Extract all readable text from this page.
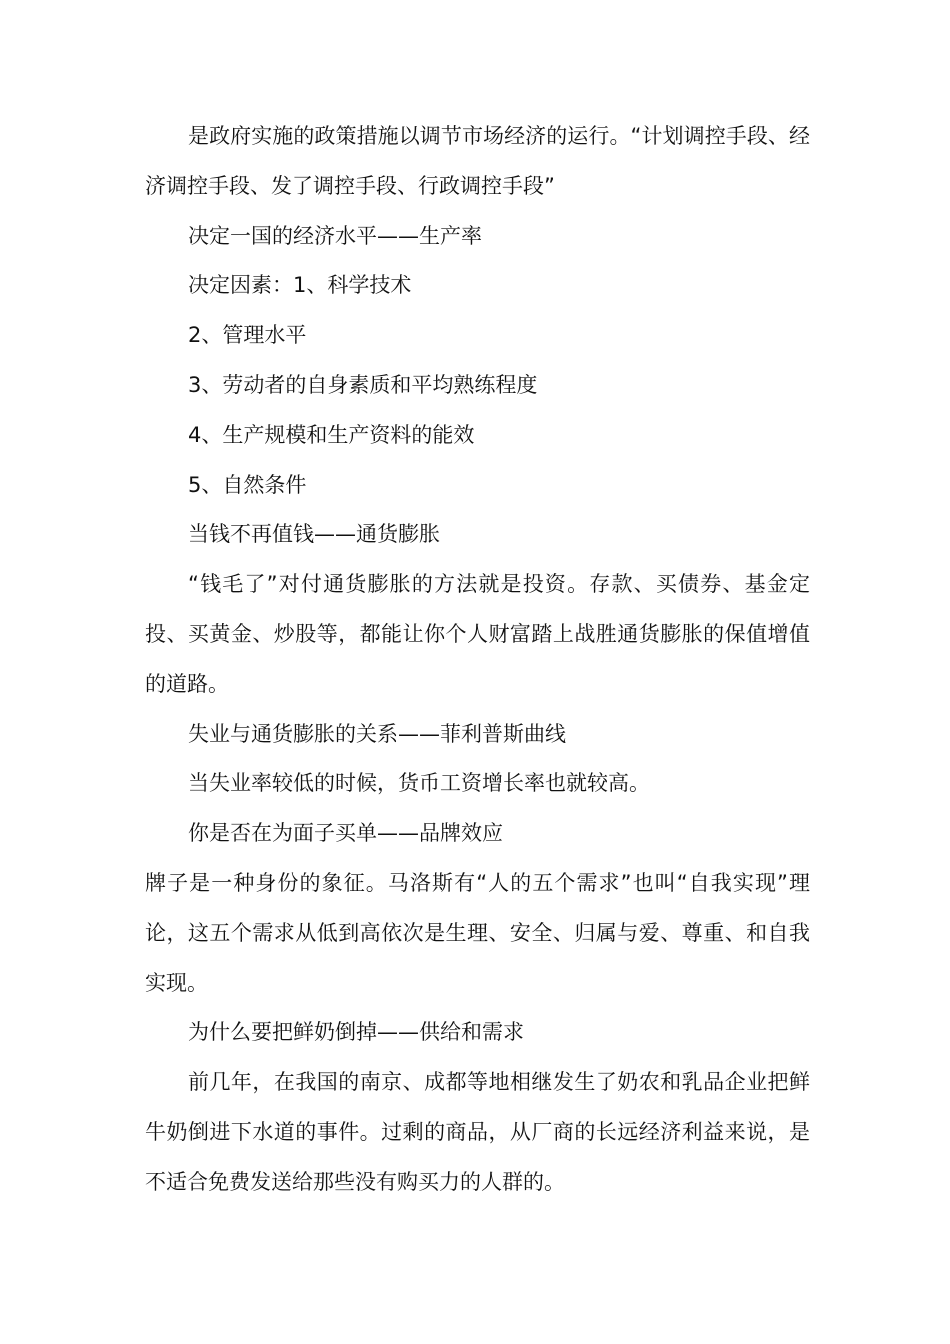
是政府实施的政策措施以调节市场经济的运行。“计划调控手段、经济调控手段、发了调控手段、行政调控手段”

决定一国的经济水平——生产率

决定因素：1、科学技术

2、管理水平

3、劳动者的自身素质和平均熟练程度

4、生产规模和生产资料的能效

5、自然条件

当钱不再值钱——通货膨胀

“钱毛了”对付通货膨胀的方法就是投资。存款、买债券、基金定投、买黄金、炒股等，都能让你个人财富踏上战胜通货膨胀的保值增值的道路。

失业与通货膨胀的关系——菲利普斯曲线

当失业率较低的时候，货币工资增长率也就较高。

你是否在为面子买单——品牌效应

牌子是一种身份的象征。马洛斯有“人的五个需求”也叫“自我实现”理论，这五个需求从低到高依次是生理、安全、归属与爱、尊重、和自我实现。

为什么要把鲜奶倒掉——供给和需求

前几年，在我国的南京、成都等地相继发生了奶农和乳品企业把鲜牛奶倒进下水道的事件。过剩的商品，从厂商的长远经济利益来说，是不适合免费发送给那些没有购买力的人群的。
